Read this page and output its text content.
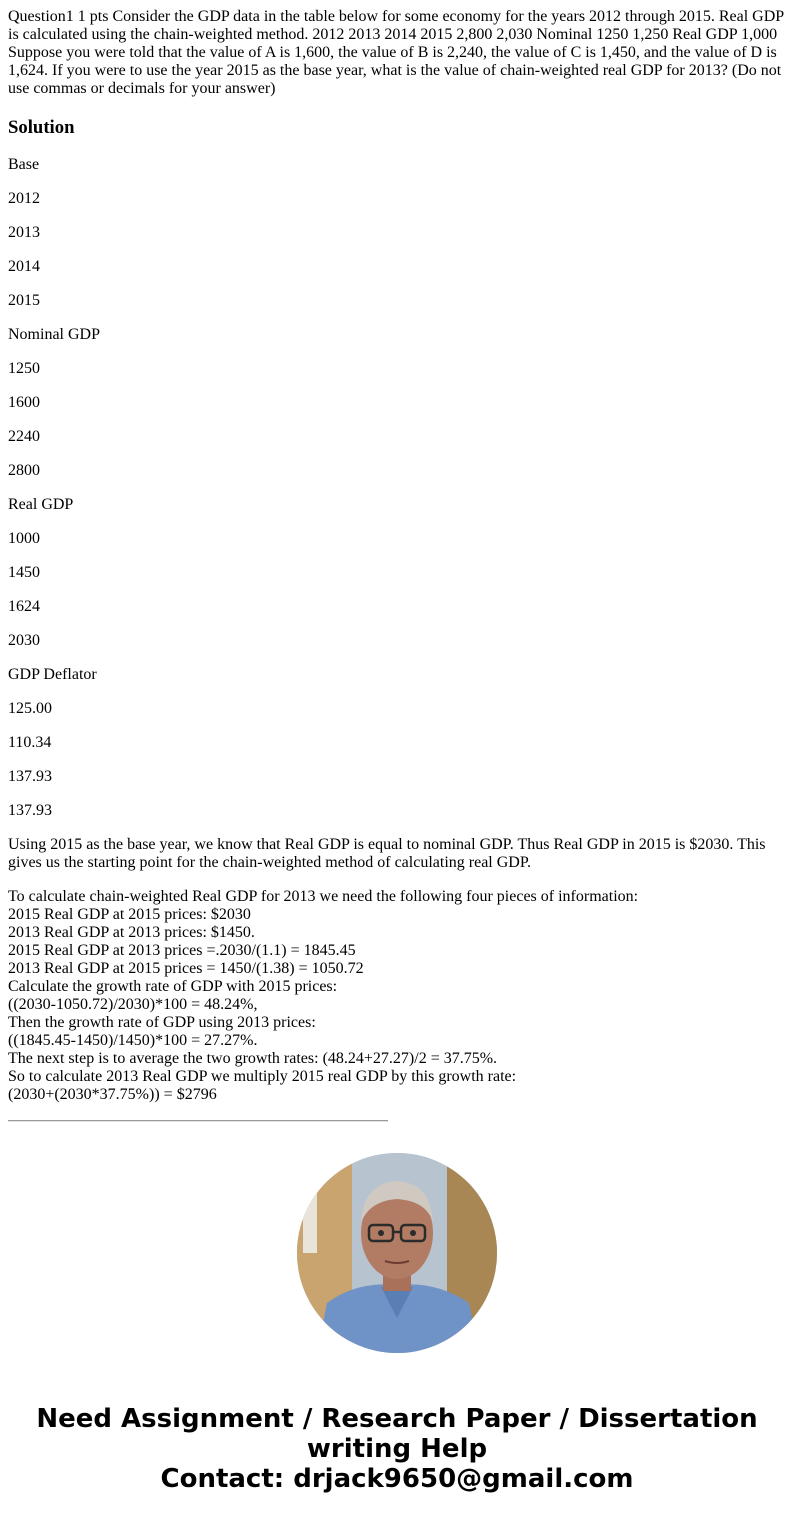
Question1 1 pts Consider the GDP data in the table below for some economy for the years 2012 through 2015. Real GDP is calculated using the chain-weighted method. 2012 2013 2014 2015 2,800 2,030 Nominal 1250 1,250 Real GDP 1,000 Suppose you were told that the value of A is 1,600, the value of B is 2,240, the value of C is 1,450, and the value of D is 1,624. If you were to use the year 2015 as the base year, what is the value of chain-weighted real GDP for 2013? (Do not use commas or decimals for your answer)

Solution

Base

2012

2013

2014

2015

Nominal GDP

1250

1600

2240

2800

Real GDP

1000

1450

1624

2030

GDP Deflator

125.00

110.34

137.93

137.93

Using 2015 as the base year, we know that Real GDP is equal to nominal GDP. Thus Real GDP in 2015 is $2030. This gives us the starting point for the chain-weighted method of calculating real GDP.

To calculate chain-weighted Real GDP for 2013 we need the following four pieces of information:
2015 Real GDP at 2015 prices: $2030
2013 Real GDP at 2013 prices: $1450.
2015 Real GDP at 2013 prices =.2030/(1.1) = 1845.45
2013 Real GDP at 2015 prices = 1450/(1.38) = 1050.72
Calculate the growth rate of GDP with 2015 prices:
((2030-1050.72)/2030)*100 = 48.24%,
Then the growth rate of GDP using 2013 prices:
((1845.45-1450)/1450)*100 = 27.27%.
The next step is to average the two growth rates: (48.24+27.27)/2 = 37.75%.
So to calculate 2013 Real GDP we multiply 2015 real GDP by this growth rate:
(2030+(2030*37.75%)) = $2796

Need Assignment / Research Paper / Dissertation
writing Help
Contact: drjack9650@gmail.com
